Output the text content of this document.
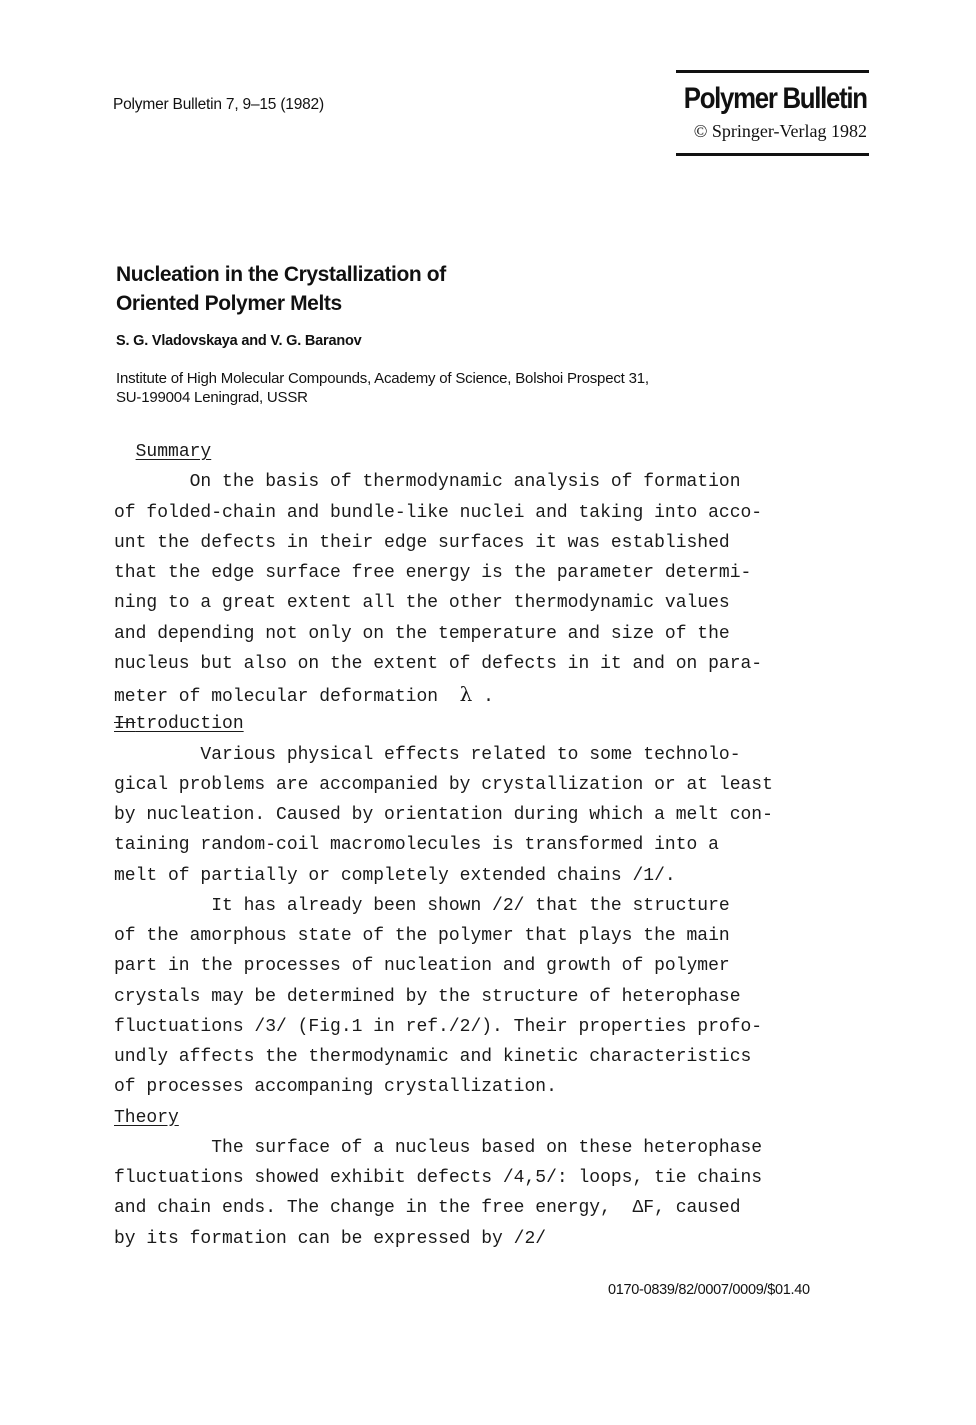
Polymer Bulletin 7, 9–15 (1982)	Polymer Bulletin
© Springer-Verlag 1982
Nucleation in the Crystallization of
Oriented Polymer Melts
S. G. Vladovskaya and V. G. Baranov
Institute of High Molecular Compounds, Academy of Science, Bolshoi Prospect 31,
SU-199004 Leningrad, USSR
Summary
On the basis of thermodynamic analysis of formation
of folded-chain and bundle-like nuclei and taking into acco-
unt the defects in their edge surfaces it was established
that the edge surface free energy is the parameter determi-
ning to a great extent all the other thermodynamic values
and depending not only on the temperature and size of the
nucleus but also on the extent of defects in it and on para-
meter of molecular deformation  λ .
Introduction
Various physical effects related to some technolo-
gical problems are accompanied by crystallization or at least
by nucleation. Caused by orientation during which a melt con-
taining random-coil macromolecules is transformed into a
melt of partially or completely extended chains /1/.
It has already been shown /2/ that the structure
of the amorphous state of the polymer that plays the main
part in the processes of nucleation and growth of polymer
crystals may be determined by the structure of heterophase
fluctuations /3/ (Fig.1 in ref./2/). Their properties profo-
undly affects the thermodynamic and kinetic characteristics
of processes accompaning crystallization.
Theory
The surface of a nucleus based on these heterophase
fluctuations showed exhibit defects /4,5/: loops, tie chains
and chain ends. The change in the free energy,  ΔF, caused
by its formation can be expressed by /2/
0170-0839/82/0007/0009/$01.40
